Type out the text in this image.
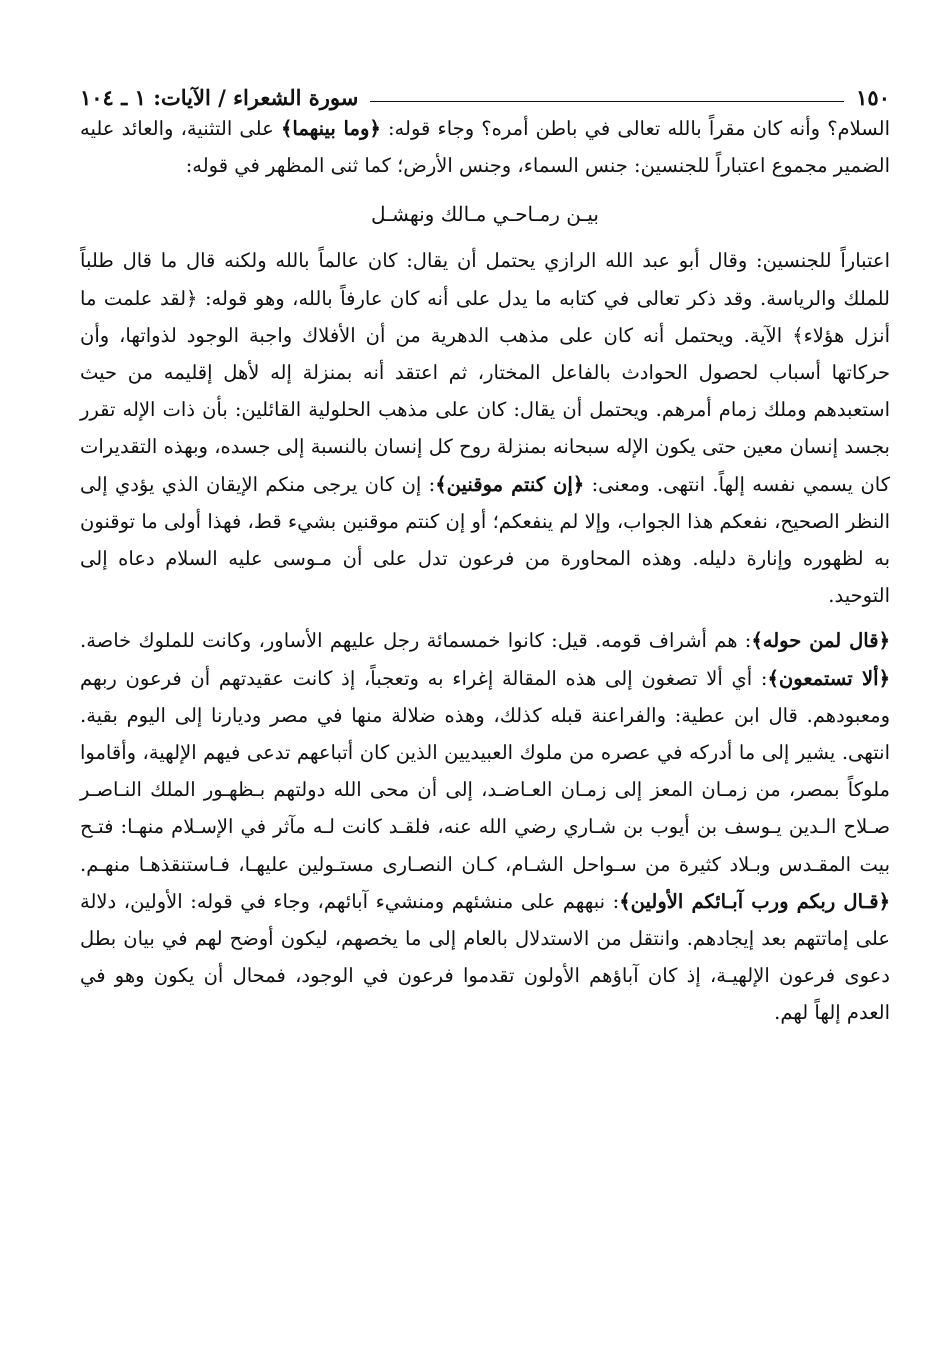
١٥٠
سورة الشعراء / الآيات: ١ ـ ١٠٤

السلام؟ وأنه كان مقراً بالله تعالى في باطن أمره؟ وجاء قوله: ﴿وما بينهما﴾ على التثنية، والعائد عليه الضمير مجموع اعتباراً للجنسين: جنس السماء، وجنس الأرض؛ كما ثنى المظهر في قوله:

بيـن رمـاحـي مـالك ونهشـل

اعتباراً للجنسين: وقال أبو عبد الله الرازي يحتمل أن يقال: كان عالماً بالله ولكنه قال ما قال طلباً للملك والرياسة. وقد ذكر تعالى في كتابه ما يدل على أنه كان عارفاً بالله، وهو قوله: ﴿لقد علمت ما أنزل هؤلاء﴾ الآية. ويحتمل أنه كان على مذهب الدهرية من أن الأفلاك واجبة الوجود لذواتها، وأن حركاتها أسباب لحصول الحوادث بالفاعل المختار، ثم اعتقد أنه بمنزلة إله لأهل إقليمه من حيث استعبدهم وملك زمام أمرهم. ويحتمل أن يقال: كان على مذهب الحلولية القائلين: بأن ذات الإله تقرر بجسد إنسان معين حتى يكون الإله سبحانه بمنزلة روح كل إنسان بالنسبة إلى جسده، وبهذه التقديرات كان يسمي نفسه إلهاً. انتهى. ومعنى: ﴿إن كنتم موقنين﴾: إن كان يرجى منكم الإيقان الذي يؤدي إلى النظر الصحيح، نفعكم هذا الجواب، وإلا لم ينفعكم؛ أو إن كنتم موقنين بشيء قط، فهذا أولى ما توقنون به لظهوره وإنارة دليله. وهذه المحاورة من فرعون تدل على أن مـوسى عليه السلام دعاه إلى التوحيد.

﴿قال لمن حوله﴾: هم أشراف قومه. قيل: كانوا خمسمائة رجل عليهم الأساور، وكانت للملوك خاصة. ﴿ألا تستمعون﴾: أي ألا تصغون إلى هذه المقالة إغراء به وتعجباً، إذ كانت عقيدتهم أن فرعون ربهم ومعبودهم. قال ابن عطية: والفراعنة قبله كذلك، وهذه ضلالة منها في مصر وديارنا إلى اليوم بقية. انتهى. يشير إلى ما أدركه في عصره من ملوك العبيديين الذين كان أتباعهم تدعى فيهم الإلهية، وأقاموا ملوكاً بمصر، من زمـان المعز إلى زمـان العـاضـد، إلى أن محى الله دولتهم بـظهـور الملك النـاصـر صـلاح الـدين يـوسف بن أيوب بن شـاري رضي الله عنه، فلقـد كانت لـه مآثر في الإسـلام منهـا: فتـح بيت المقـدس وبـلاد كثيرة من سـواحل الشـام، كـان النصـارى مستـولين عليهـا، فـاستنقذهـا منهـم. ﴿قـال ربكم ورب آبـائكم الأولين﴾: نبههم على منشئهم ومنشيء آبائهم، وجاء في قوله: الأولين، دلالة على إماتتهم بعد إيجادهم. وانتقل من الاستدلال بالعام إلى ما يخصهم، ليكون أوضح لهم في بيان بطل دعوى فرعون الإلهيـة، إذ كان آباؤهم الأولون تقدموا فرعون في الوجود، فمحال أن يكون وهو في العدم إلهاً لهم.
